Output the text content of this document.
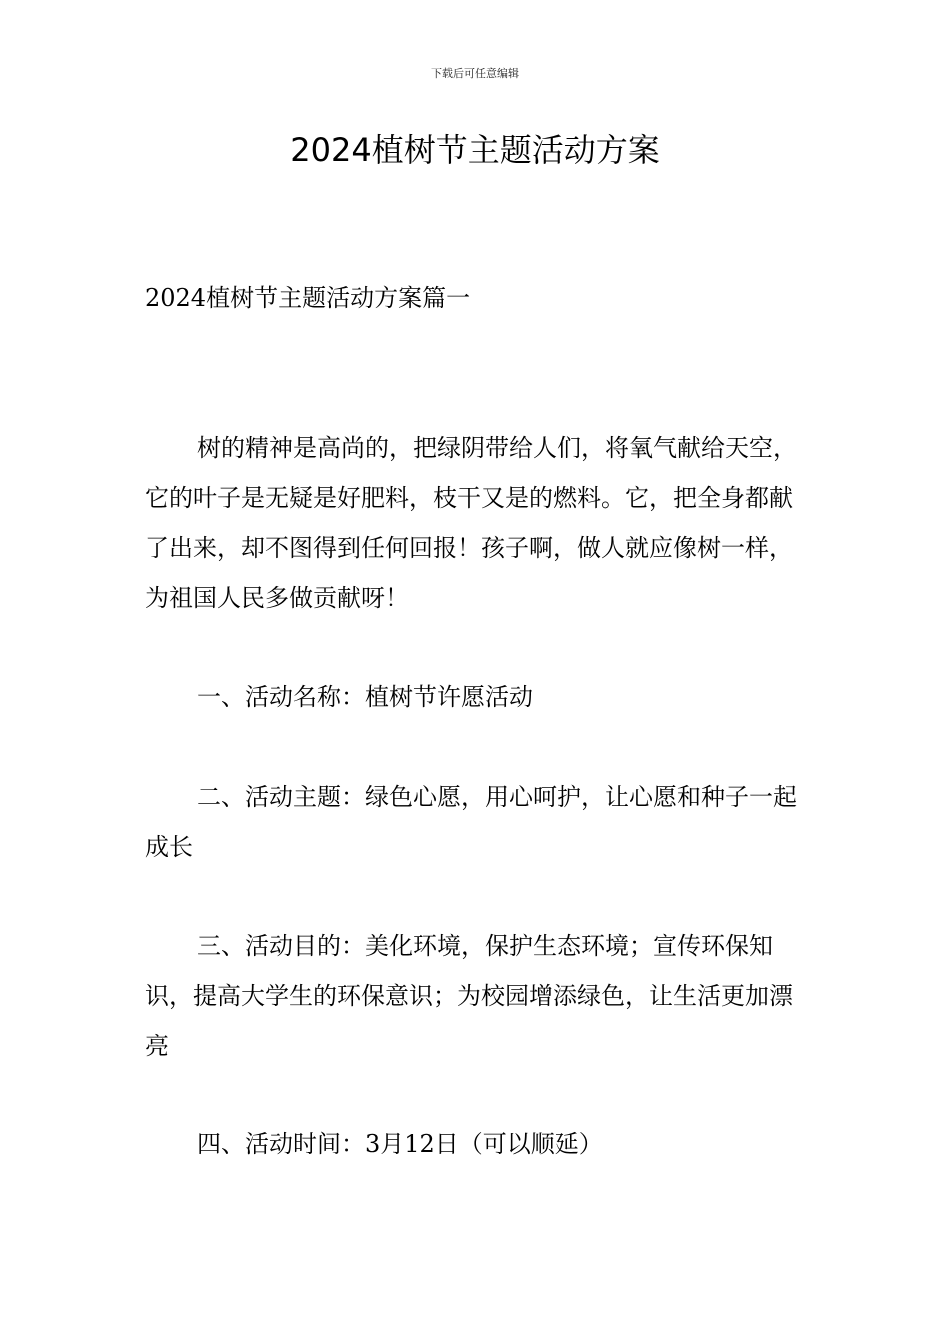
下载后可任意编辑
2024植树节主题活动方案

2024植树节主题活动方案篇一

树的精神是高尚的，把绿阴带给人们，将氧气献给天空，它的叶子是无疑是好肥料，枝干又是的燃料。它，把全身都献了出来，却不图得到任何回报！孩子啊，做人就应像树一样，为祖国人民多做贡献呀！

一、活动名称：植树节许愿活动

二、活动主题：绿色心愿，用心呵护，让心愿和种子一起成长

三、活动目的：美化环境，保护生态环境；宣传环保知识，提高大学生的环保意识；为校园增添绿色，让生活更加漂亮

四、活动时间：3月12日（可以顺延）
